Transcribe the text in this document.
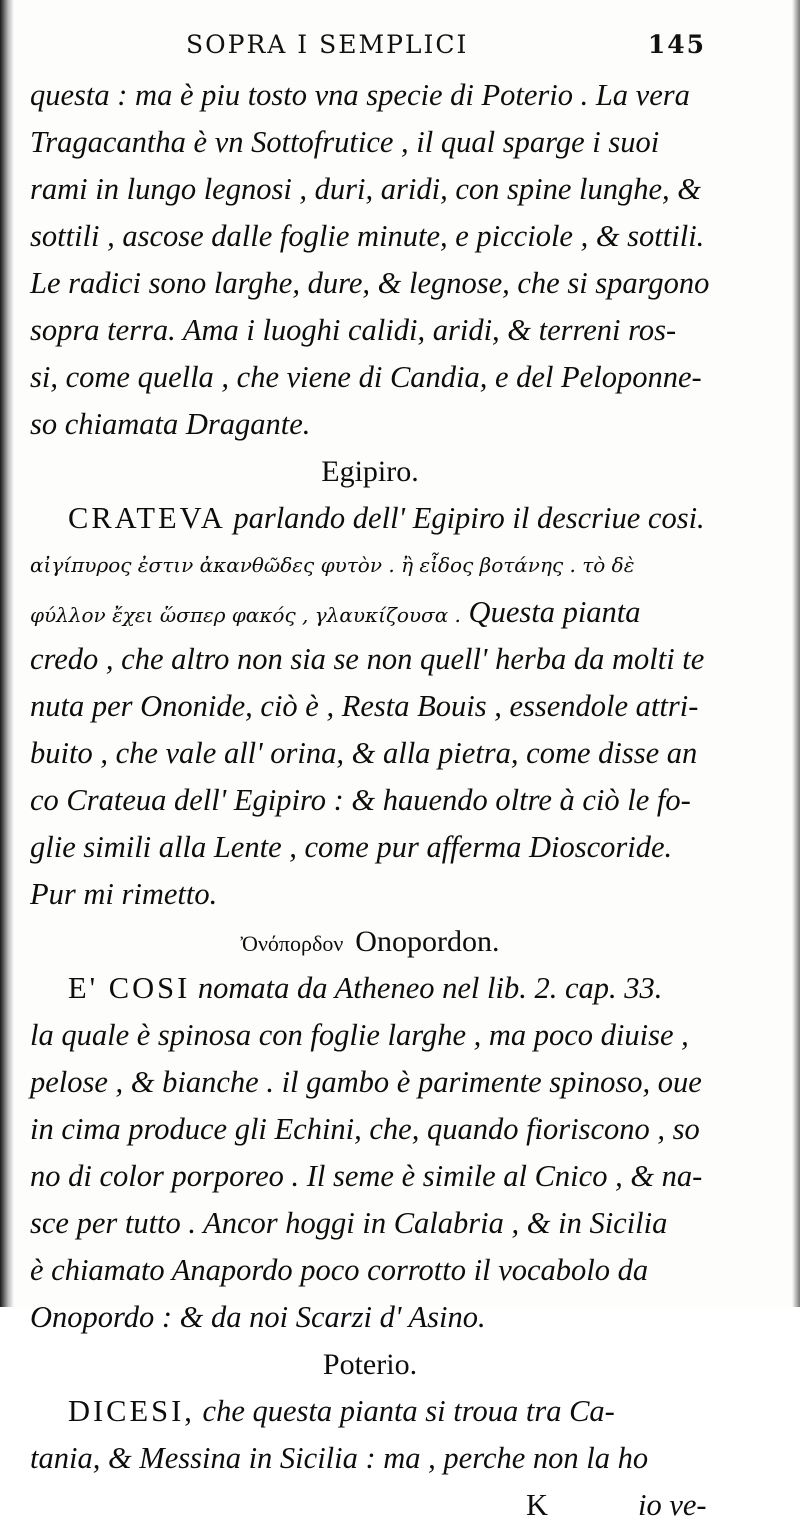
SOPRA I SEMPLICI	145
questa : ma è piu tosto vna specie di Poterio . La vera
Tragacantha è vn Sottofrutice , il qual sparge i suoi
rami in lungo legnosi , duri, aridi, con spine lunghe, &
sottili , ascose dalle foglie minute, e picciole , & sottili.
Le radici sono larghe, dure, & legnose, che si spargono
sopra terra. Ama i luoghi calidi, aridi, & terreni ros-
si, come quella , che viene di Candia, e del Peloponne-
so chiamata Dragante.
Egipiro.
CRATEVA parlando dell' Egipiro il descriue cosi.
αἰγίπυρος ἐστιν ἀκανθῶδες φυτὸν . ἢ εἶδος βοτάνης . τὸ δὲ
φύλλον ἔχει ὥσπερ φακός , γλαυκίζουσα . Questa pianta
credo , che altro non sia se non quell' herba da molti te
nuta per Ononide, ciò è , Resta Bouis , essendole attri-
buito , che vale all' orina, & alla pietra, come disse an
co Crateua dell' Egipiro : & hauendo oltre à ciò le fo-
glie simili alla Lente , come pur afferma Dioscoride.
Pur mi rimetto.
Ὀνόπορδον Onopordon.
E' COSI nomata da Atheneo nel lib. 2. cap. 33.
la quale è spinosa con foglie larghe , ma poco diuise ,
pelose , & bianche . il gambo è parimente spinoso, oue
in cima produce gli Echini, che, quando fioriscono , so
no di color porporeo . Il seme è simile al Cnico , & na-
sce per tutto . Ancor hoggi in Calabria , & in Sicilia
è chiamato Anapordo poco corrotto il vocabolo da
Onopordo : & da noi Scarzi d' Asino.
Poterio.
DICESI, che questa pianta si troua tra Ca-
tania, & Messina in Sicilia : ma , perche non la ho
K	io ve-
